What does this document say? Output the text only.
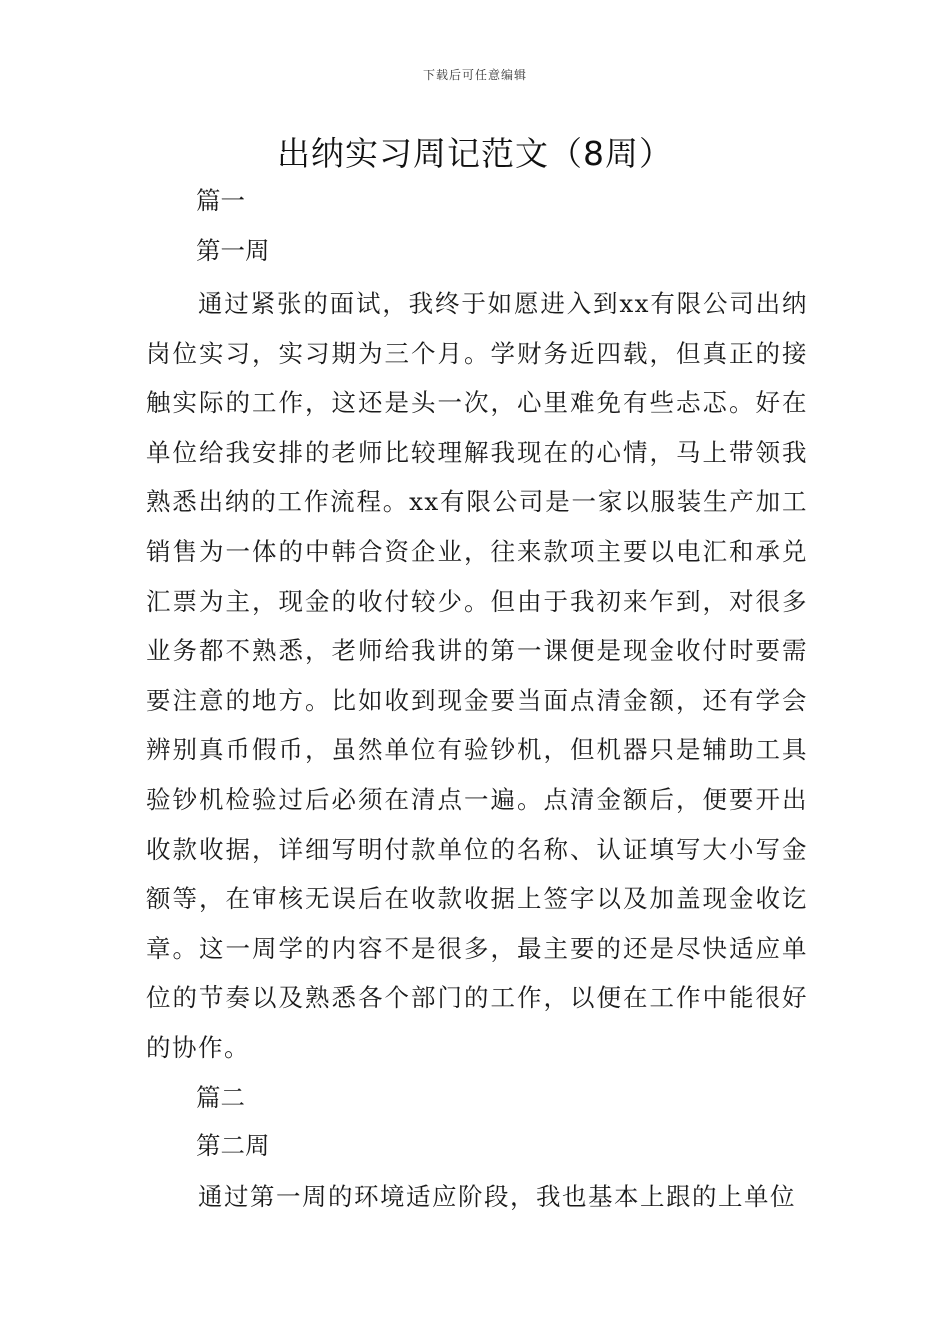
下载后可任意编辑
出纳实习周记范文（8周）
篇一
第一周
通过紧张的面试，我终于如愿进入到xx有限公司出纳岗位实习，实习期为三个月。学财务近四载，但真正的接触实际的工作，这还是头一次，心里难免有些忐忑。好在单位给我安排的老师比较理解我现在的心情，马上带领我熟悉出纳的工作流程。xx有限公司是一家以服装生产加工销售为一体的中韩合资企业，往来款项主要以电汇和承兑汇票为主，现金的收付较少。但由于我初来乍到，对很多业务都不熟悉，老师给我讲的第一课便是现金收付时要需要注意的地方。比如收到现金要当面点清金额，还有学会辨别真币假币，虽然单位有验钞机，但机器只是辅助工具验钞机检验过后必须在清点一遍。点清金额后，便要开出收款收据，详细写明付款单位的名称、认证填写大小写金额等，在审核无误后在收款收据上签字以及加盖现金收讫章。这一周学的内容不是很多，最主要的还是尽快适应单位的节奏以及熟悉各个部门的工作，以便在工作中能很好的协作。
篇二
第二周
通过第一周的环境适应阶段，我也基本上跟的上单位
